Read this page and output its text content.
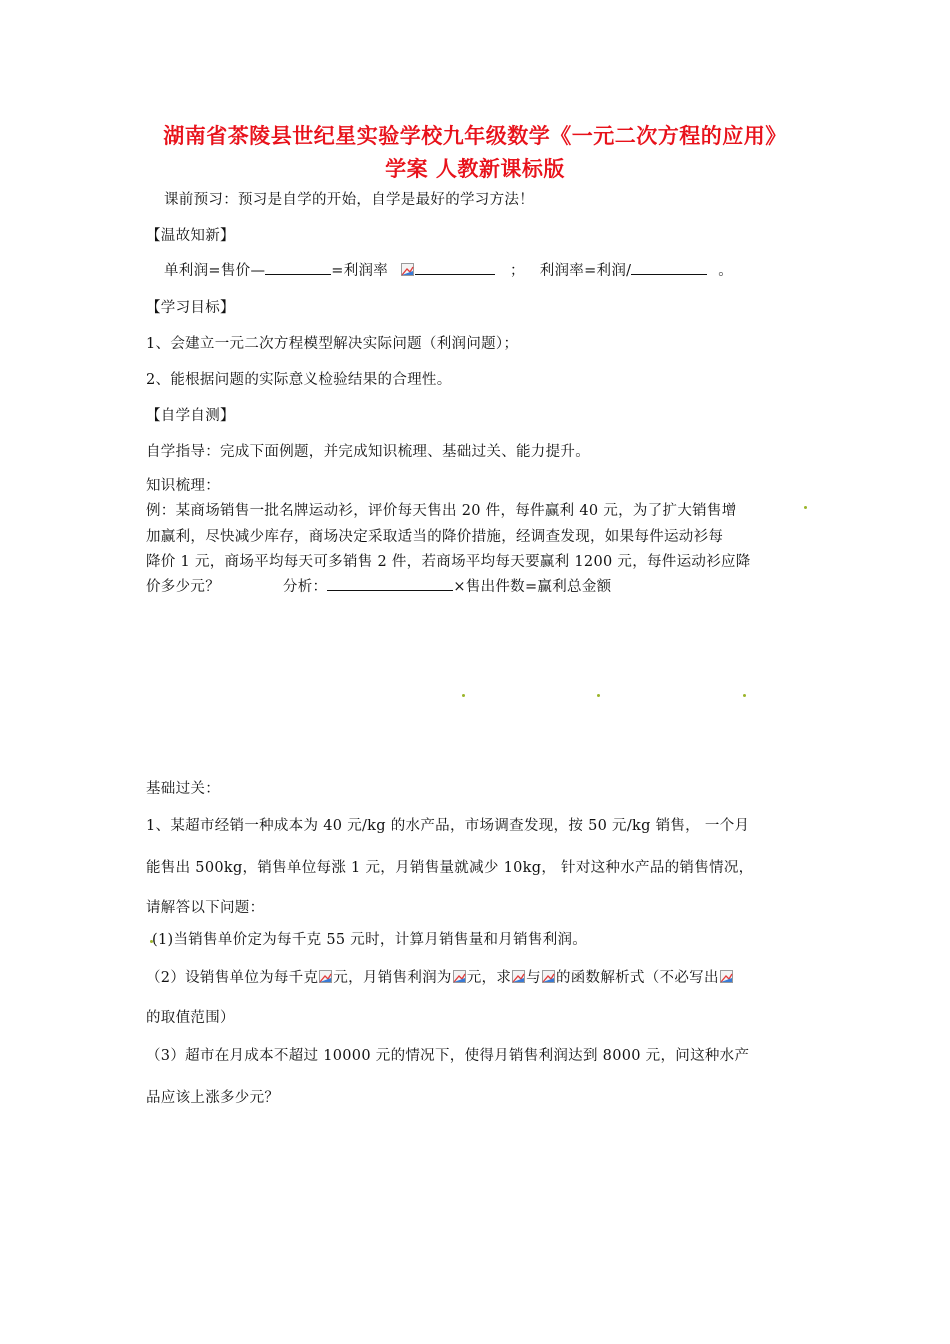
湖南省茶陵县世纪星实验学校九年级数学《一元二次方程的应用》
学案 人教新课标版
课前预习：预习是自学的开始，自学是最好的学习方法！
【温故知新】
单利润=售价—	=利润率	； 利润率=利润/	。
【学习目标】
1、会建立一元二次方程模型解决实际问题（利润问题）；
2、能根据问题的实际意义检验结果的合理性。
【自学自测】
自学指导：完成下面例题，并完成知识梳理、基础过关、能力提升。
知识梳理：
例：某商场销售一批名牌运动衫，评价每天售出 20 件，每件赢利 40 元，为了扩大销售增
加赢利，尽快减少库存，商场决定采取适当的降价措施，经调查发现，如果每件运动衫每
降价 1 元，商场平均每天可多销售 2 件，若商场平均每天要赢利 1200 元，每件运动衫应降
价多少元？	分析：	×售出件数=赢利总金额
基础过关：
1、某超市经销一种成本为 40 元/kg 的水产品，市场调查发现，按 50 元/kg 销售， 一个月
能售出 500kg，销售单位每涨 1 元，月销售量就减少 10kg， 针对这种水产品的销售情况，
请解答以下问题：
(1)当销售单价定为每千克 55 元时，计算月销售量和月销售利润。
（2）设销售单位为每千克 元，月销售利润为 元，求 与 的函数解析式（不必写出
的取值范围）
（3）超市在月成本不超过 10000 元的情况下，使得月销售利润达到 8000 元，问这种水产
品应该上涨多少元？
